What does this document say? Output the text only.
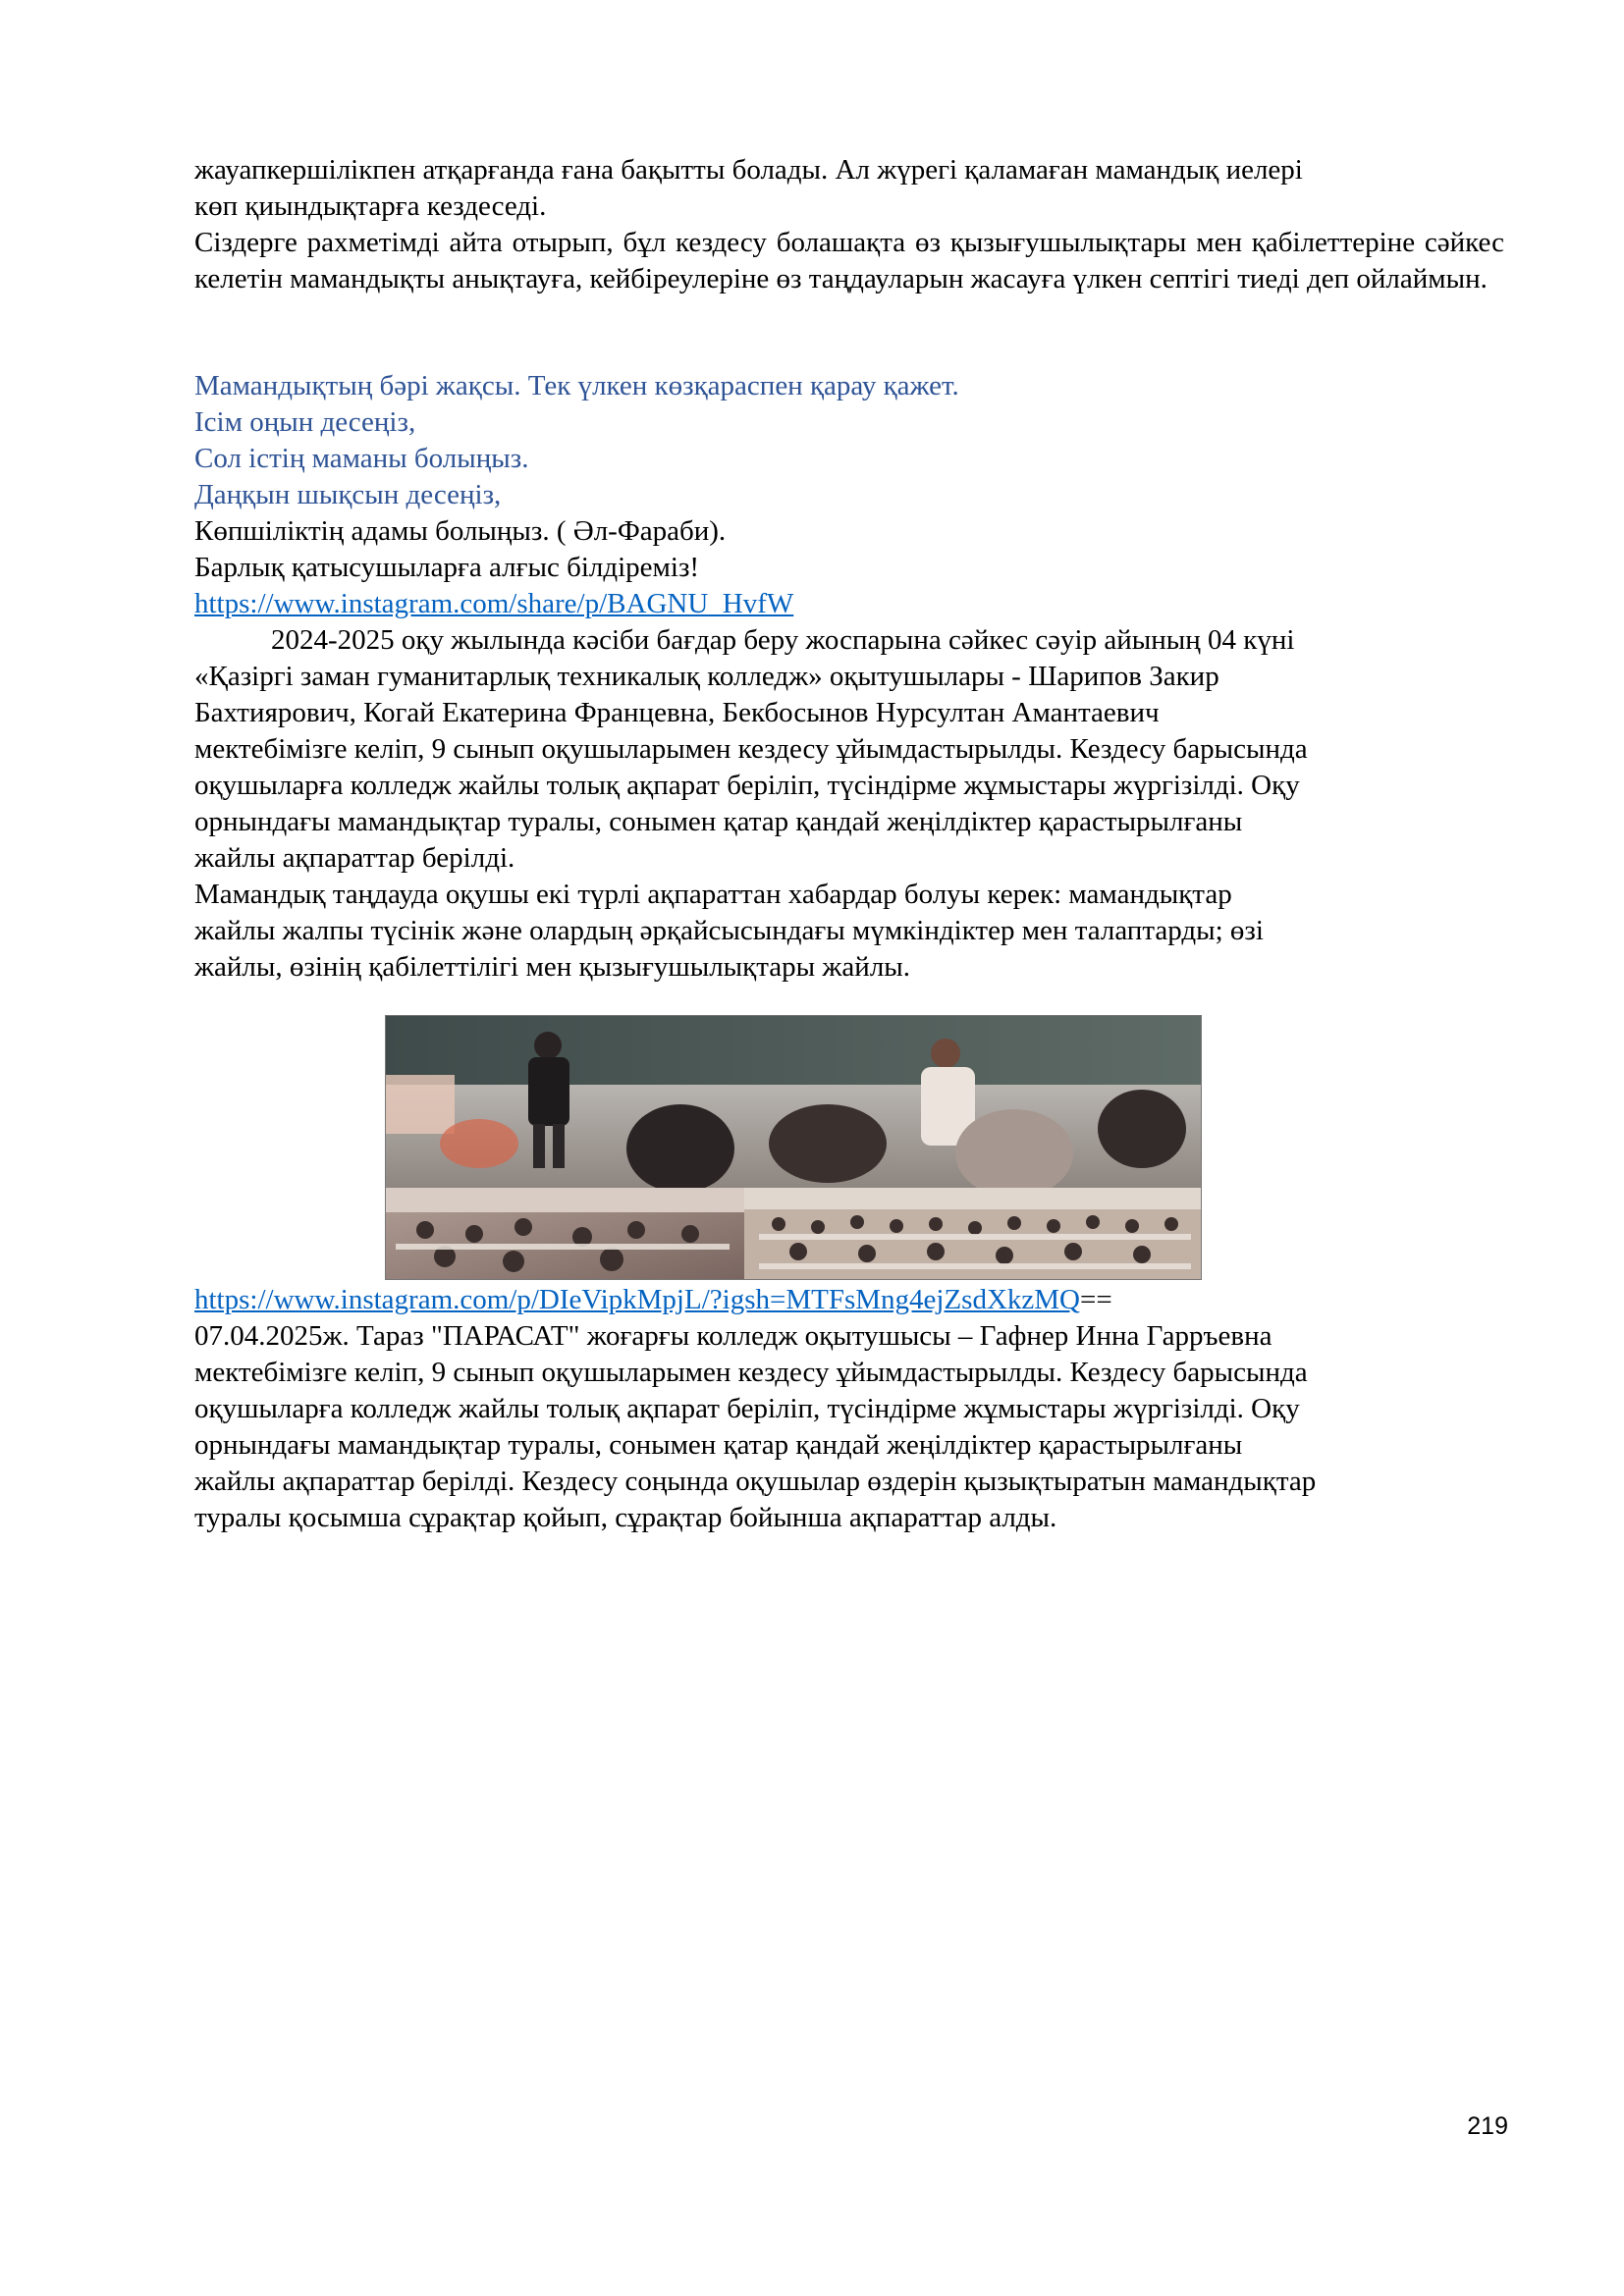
жауапкершілікпен атқарғанда ғана бақытты болады. Ал жүрегі қаламаған мамандық иелері
көп қиындықтарға кездеседі.
Сіздерге рахметімді айта отырып, бұл кездесу болашақта өз қызығушылықтары мен қабілеттеріне сәйкес келетін мамандықты анықтауға, кейбіреулеріне өз таңдауларын жасауға үлкен септігі тиеді деп ойлаймын.
Мамандықтың бәрі жақсы. Тек үлкен көзқараспен қарау қажет.
Ісім оңын десеңіз,
Сол істің маманы болыңыз.
Даңқын шықсын десеңіз,
Көпшіліктің адамы болыңыз. ( Әл-Фараби).
Барлық қатысушыларға алғыс білдіреміз!
https://www.instagram.com/share/p/BAGNU_HvfW
2024-2025 оқу жылында кәсіби бағдар беру жоспарына сәйкес сәуір айының 04 күні
«Қазіргі заман гуманитарлық техникалық колледж» оқытушылары - Шарипов Закир
Бахтиярович, Когай Екатерина Францевна, Бекбосынов Нурсултан Амантаевич
мектебімізге келіп, 9 сынып оқушыларымен кездесу ұйымдастырылды. Кездесу барысында
оқушыларға колледж жайлы толық ақпарат беріліп, түсіндірме жұмыстары жүргізілді. Оқу
орнындағы мамандықтар туралы, сонымен қатар қандай жеңілдіктер қарастырылғаны
жайлы ақпараттар берілді.
Мамандық таңдауда оқушы екі түрлі ақпараттан хабардар болуы керек: мамандықтар
жайлы жалпы түсінік және олардың әрқайсысындағы мүмкіндіктер мен талаптарды; өзі
жайлы, өзінің қабілеттілігі мен қызығушылықтары жайлы.
https://www.instagram.com/p/DIeVipkMpjL/?igsh=MTFsMng4ejZsdXkzMQ==
07.04.2025ж. Тараз "ПАРАСАТ" жоғарғы колледж оқытушысы – Гафнер Инна Гарръевна
мектебімізге келіп, 9 сынып оқушыларымен кездесу ұйымдастырылды. Кездесу барысында
оқушыларға колледж жайлы толық ақпарат беріліп, түсіндірме жұмыстары жүргізілді. Оқу
орнындағы мамандықтар туралы, сонымен қатар қандай жеңілдіктер қарастырылғаны
жайлы ақпараттар берілді. Кездесу соңында оқушылар өздерін қызықтыратын мамандықтар
туралы қосымша сұрақтар қойып, сұрақтар бойынша ақпараттар алды.
219
